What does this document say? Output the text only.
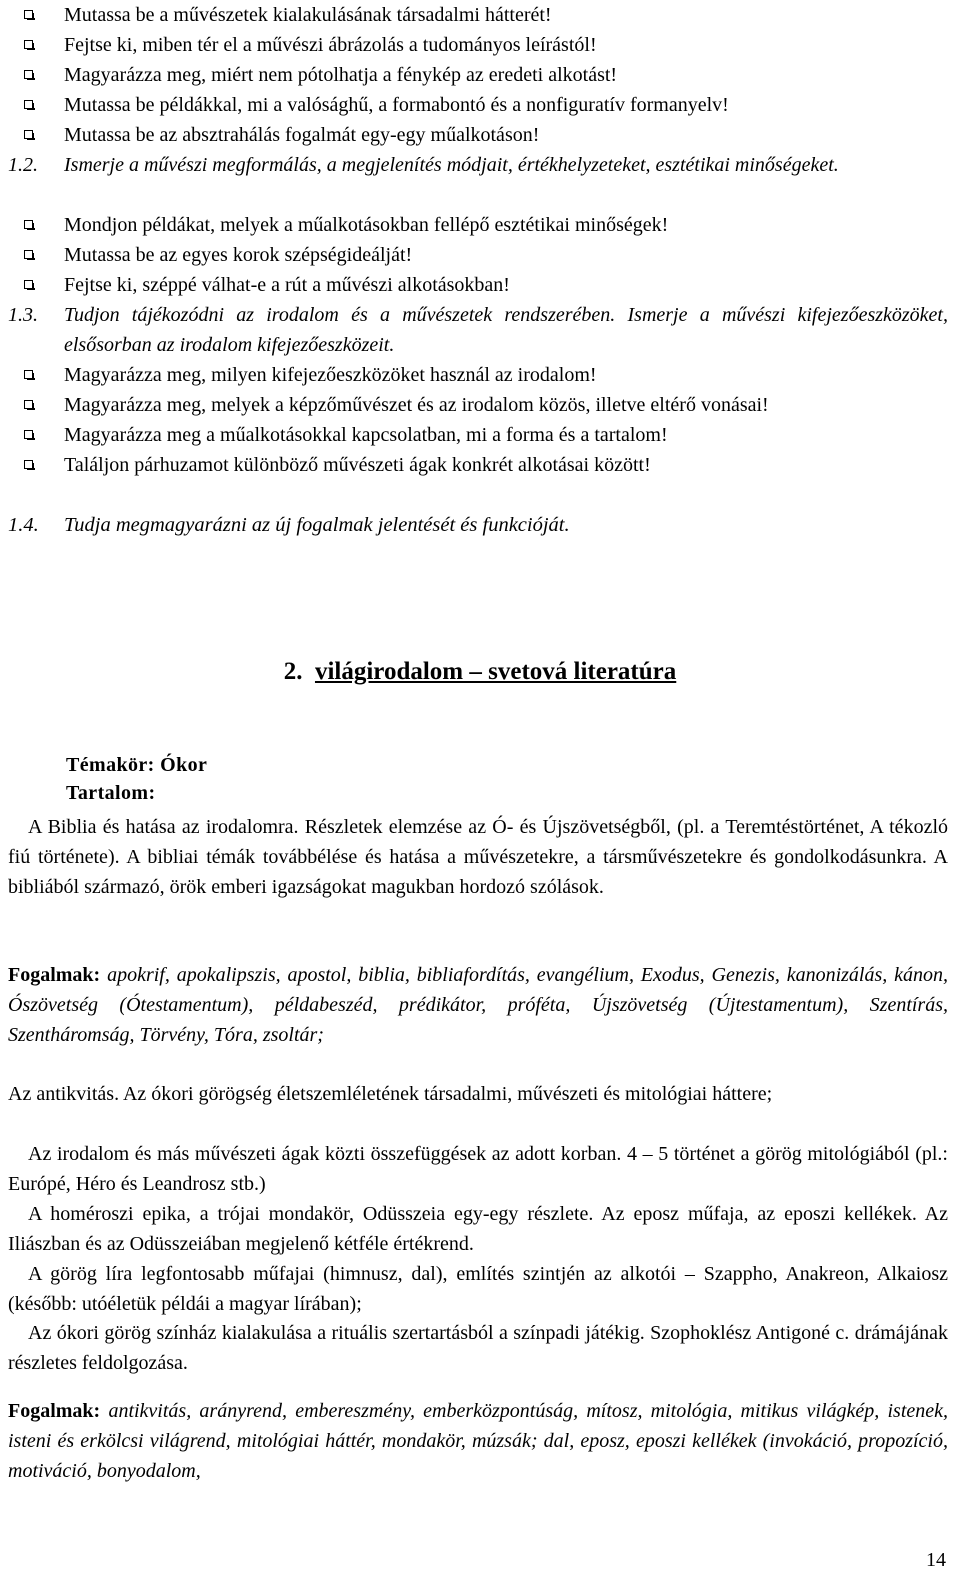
Mutassa be a művészetek kialakulásának társadalmi hátterét!
Fejtse ki, miben tér el a művészi ábrázolás a tudományos leírástól!
Magyarázza meg, miért nem pótolhatja a fénykép az eredeti alkotást!
Mutassa be példákkal, mi a valósághű, a formabontó és a nonfiguratív formanyelv!
Mutassa be az absztrahálás fogalmát egy-egy műalkotáson!
1.2. Ismerje a művészi megformálás, a megjelenítés módjait, értékhelyzeteket, esztétikai minőségeket.
Mondjon példákat, melyek a műalkotásokban fellépő esztétikai minőségek!
Mutassa be az egyes korok szépségideálját!
Fejtse ki, széppé válhat-e a rút a művészi alkotásokban!
1.3. Tudjon tájékozódni az irodalom és a művészetek rendszerében. Ismerje a művészi kifejezőeszközöket, elsősorban az irodalom kifejezőeszközeit.
Magyarázza meg, milyen kifejezőeszközöket használ az irodalom!
Magyarázza meg, melyek a képzőművészet és az irodalom közös, illetve eltérő vonásai!
Magyarázza meg a műalkotásokkal kapcsolatban, mi a forma és a tartalom!
Találjon párhuzamot különböző művészeti ágak konkrét alkotásai között!
1.4. Tudja megmagyarázni az új fogalmak jelentését és funkcióját.
2. világirodalom – svetová literatúra
Témakör: Ókor
Tartalom:
A Biblia és hatása az irodalomra. Részletek elemzése az Ó- és Újszövetségből, (pl. a Teremtéstörténet, A tékozló fiú története). A bibliai témák továbbélése és hatása a művészetekre, a társművészetekre és gondolkodásunkra. A bibliából származó, örök emberi igazságokat magukban hordozó szólások.
Fogalmak: apokrif, apokalipszis, apostol, biblia, bibliafordítás, evangélium, Exodus, Genezis, kanonizálás, kánon, Ószövetség (Ótestamentum), példabeszéd, prédikátor, próféta, Újszövetség (Újtestamentum), Szentírás, Szentháromság, Törvény, Tóra, zsoltár;
Az antikvitás. Az ókori görögség életszemléletének társadalmi, művészeti és mitológiai háttere;
Az irodalom és más művészeti ágak közti összefüggések az adott korban. 4 – 5 történet a görög mitológiából (pl.: Európé, Héro és Leandrosz stb.)
A homéroszi epika, a trójai mondakör, Odüsszeia egy-egy részlete. Az eposz műfaja, az eposzi kellékek. Az Iliászban és az Odüsszeiában megjelenő kétféle értékrend.
A görög líra legfontosabb műfajai (himnusz, dal), említés szintjén az alkotói – Szappho, Anakreon, Alkaiosz (később: utóéletük példái a magyar lírában);
Az ókori görög színház kialakulása a rituális szertartásból a színpadi játékig. Szophoklész Antigoné c. drámájának részletes feldolgozása.
Fogalmak: antikvitás, arányrend, embereszmény, emberközpontúság, mítosz, mitológia, mitikus világkép, istenek, isteni és erkölcsi világrend, mitológiai háttér, mondakör, múzsák; dal, eposz, eposzi kellékek (invokáció, propozíció, motiváció, bonyodalom,
14
